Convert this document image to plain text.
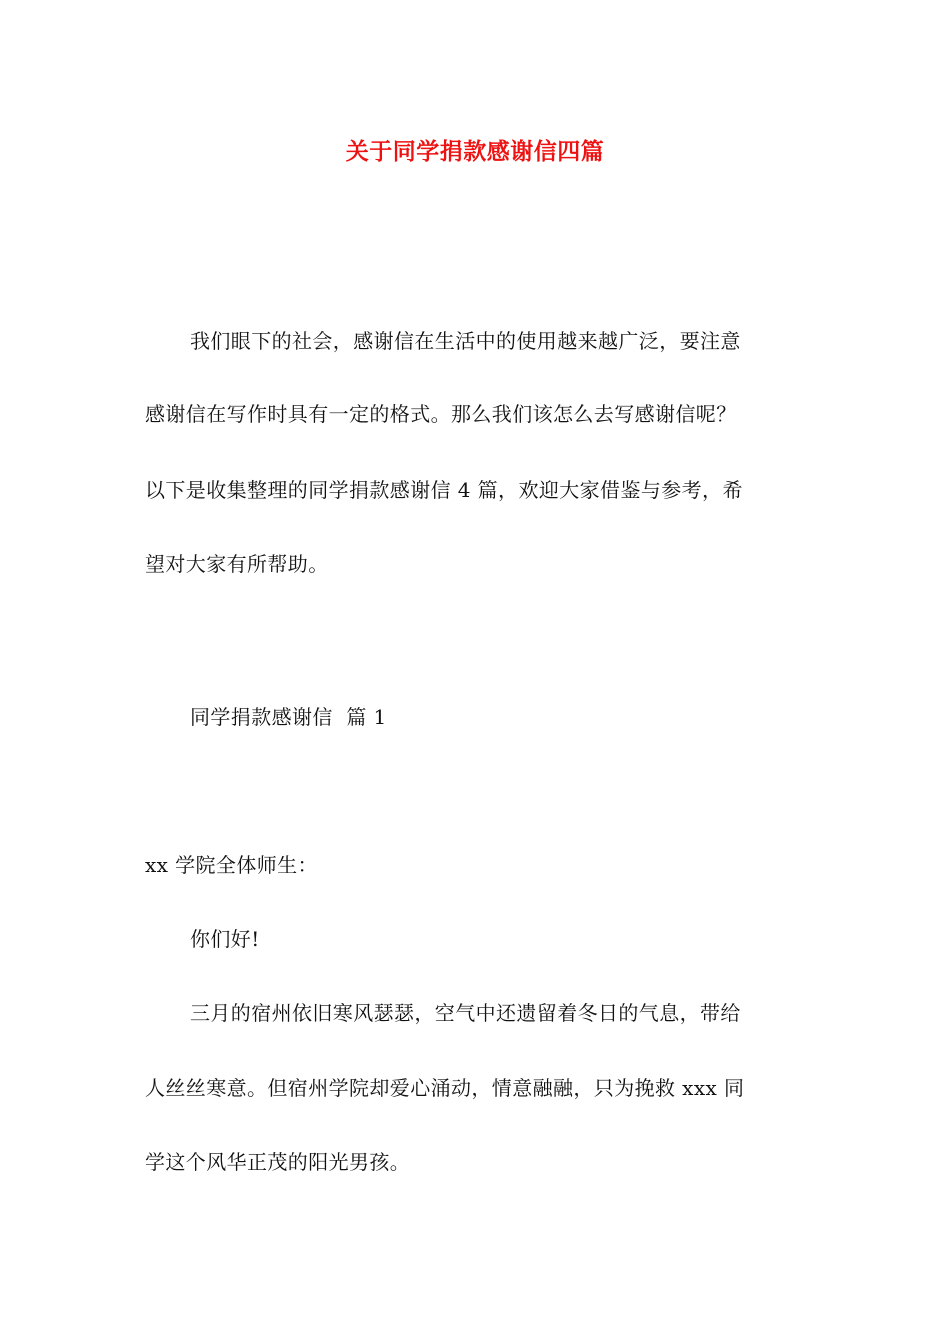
关于同学捐款感谢信四篇
我们眼下的社会，感谢信在生活中的使用越来越广泛，要注意
感谢信在写作时具有一定的格式。那么我们该怎么去写感谢信呢？
以下是收集整理的同学捐款感谢信 4 篇，欢迎大家借鉴与参考，希
望对大家有所帮助。
同学捐款感谢信  篇 1
xx 学院全体师生：
你们好!
三月的宿州依旧寒风瑟瑟，空气中还遗留着冬日的气息，带给
人丝丝寒意。但宿州学院却爱心涌动，情意融融，只为挽救 xxx 同
学这个风华正茂的阳光男孩。
